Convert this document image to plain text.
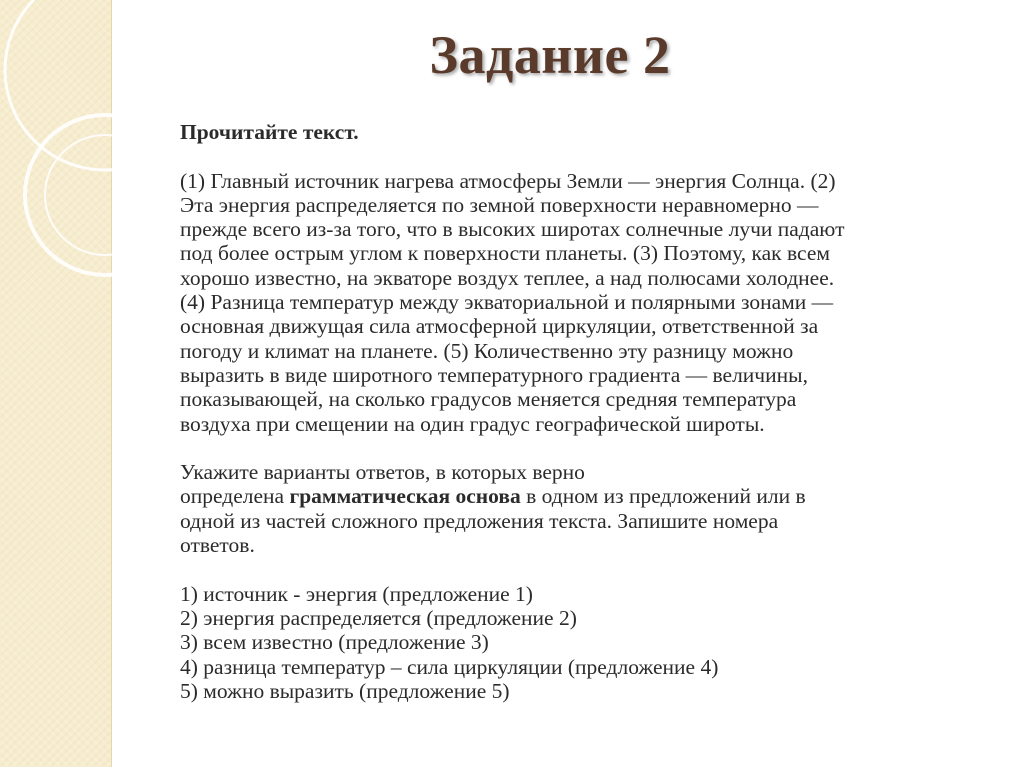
Задание 2
Прочитайте текст.
(1) Главный источник нагрева атмосферы Земли — энергия Солнца. (2)
Эта энергия распределяется по земной поверхности неравномерно —
прежде всего из-за того, что в высоких широтах солнечные лучи падают
под более острым углом к поверхности планеты. (3) Поэтому, как всем
хорошо известно, на экваторе воздух теплее, а над полюсами холоднее.
(4) Разница температур между экваториальной и полярными зонами —
основная движущая сила атмосферной циркуляции, ответственной за
погоду и климат на планете. (5) Количественно эту разницу можно
выразить в виде широтного температурного градиента — величины,
показывающей, на сколько градусов меняется средняя температура
воздуха при смещении на один градус географической широты.
Укажите варианты ответов, в которых верно
определена грамматическая основа в одном из предложений или в
одной из частей сложного предложения текста. Запишите номера
ответов.
1) источник - энергия (предложение 1)
2) энергия распределяется (предложение 2)
3) всем известно (предложение 3)
4) разница температур – сила циркуляции (предложение 4)
5) можно выразить (предложение 5)
